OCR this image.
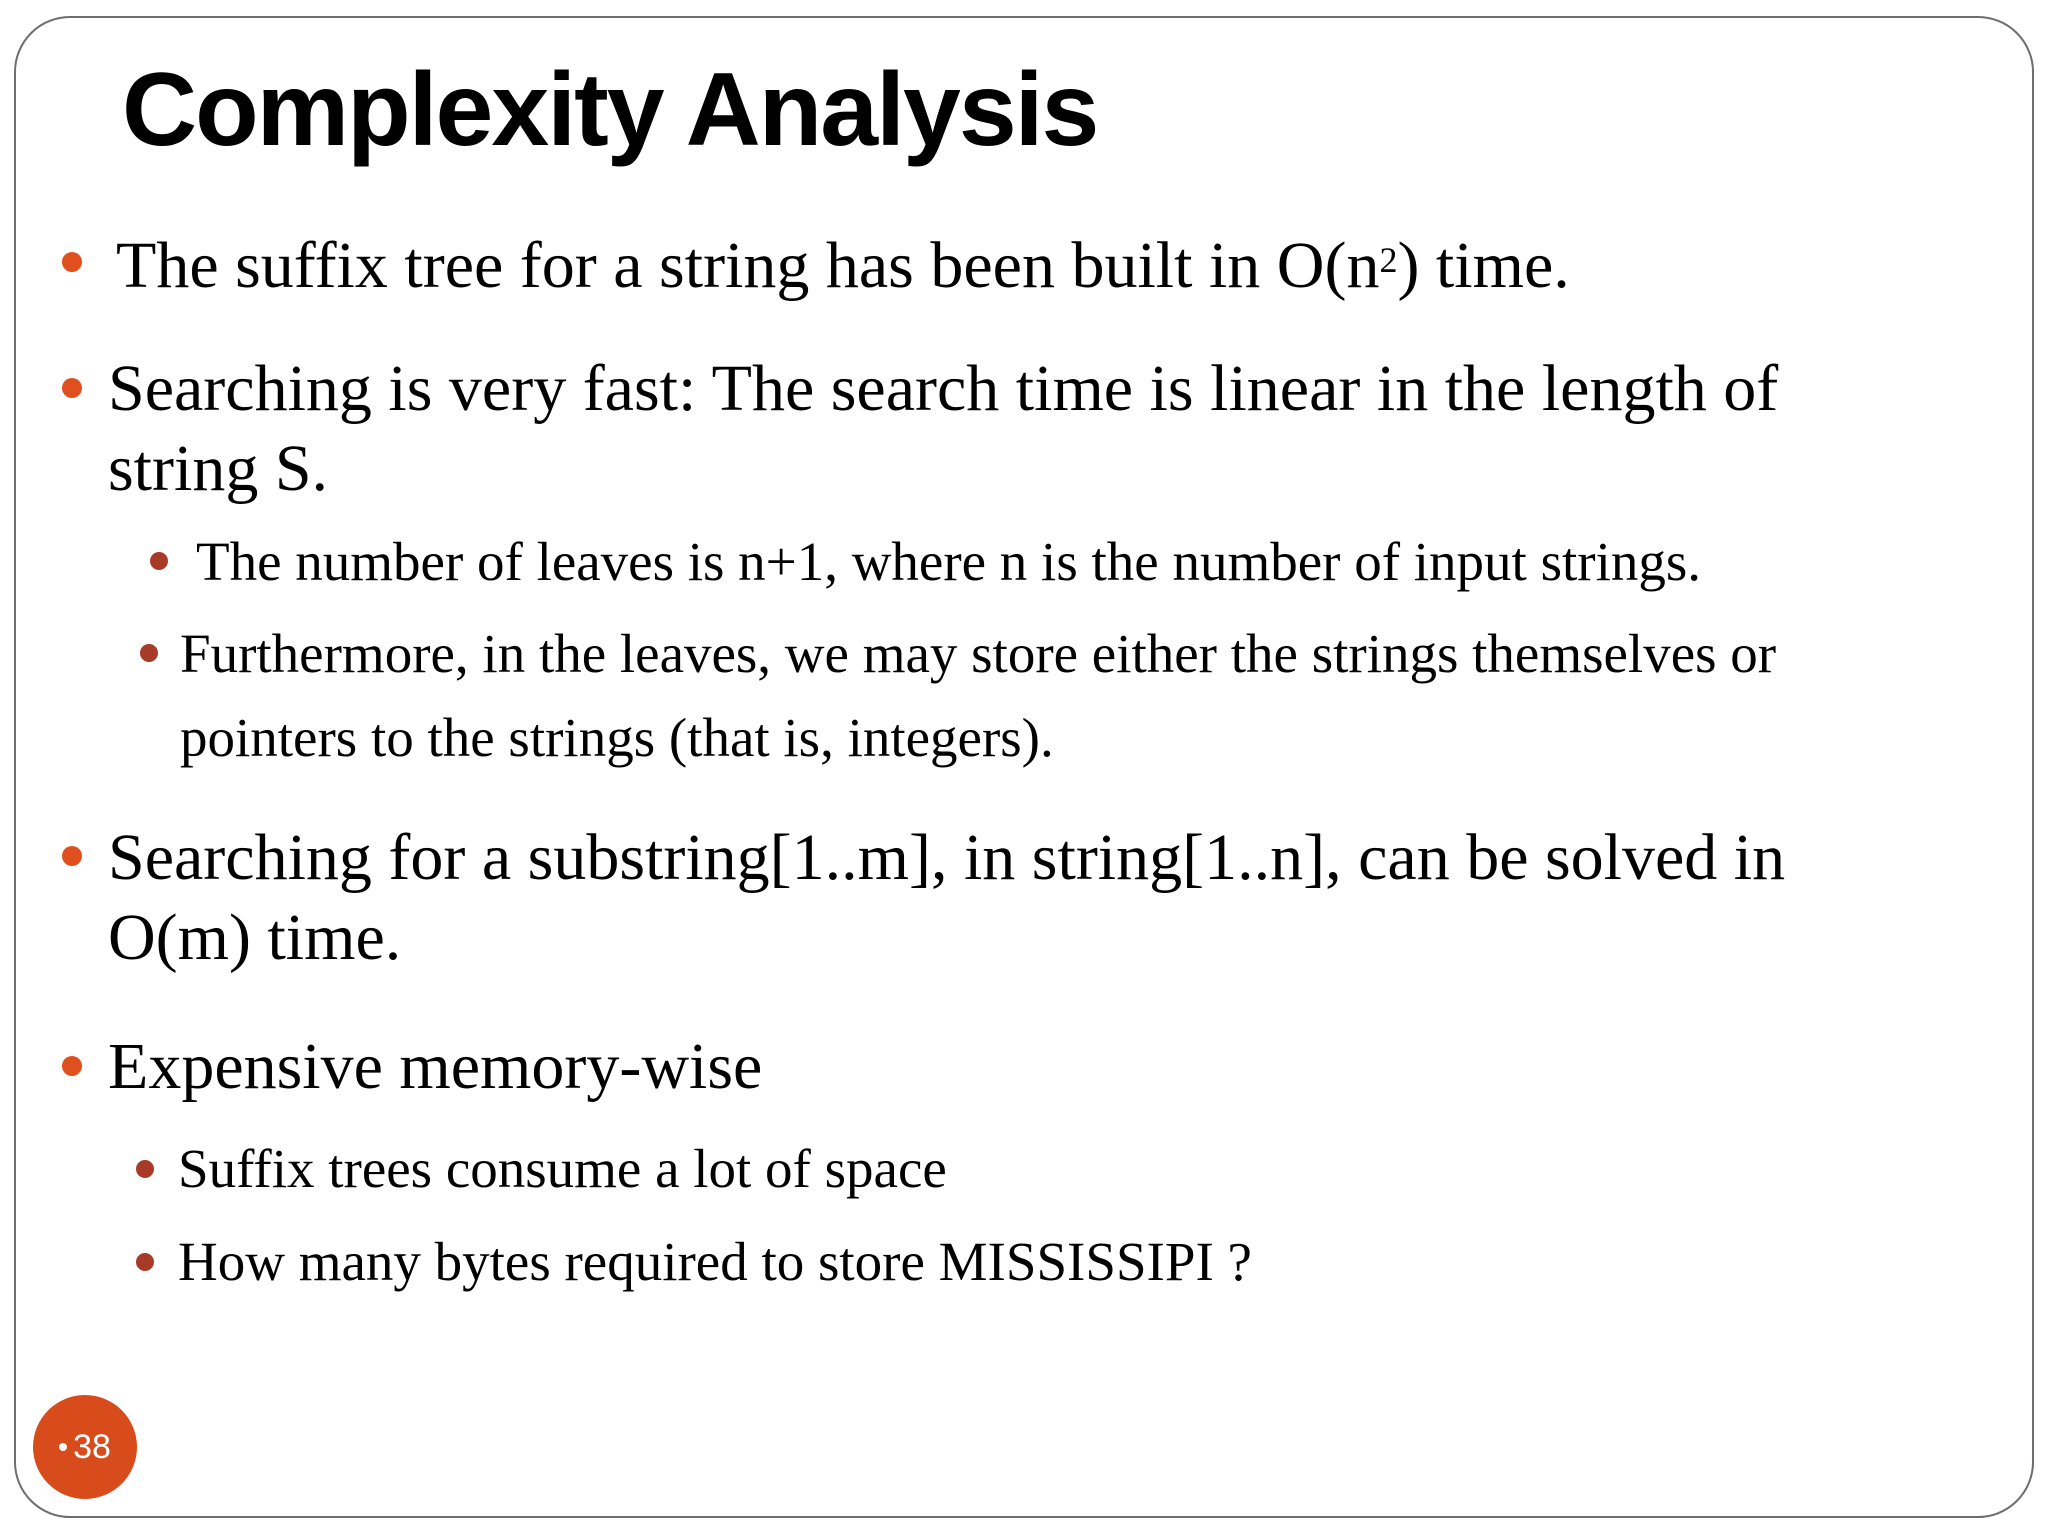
Complexity Analysis

The suffix tree for a string has been built in $O(n^2)$ time.

Searching is very fast: The search time is linear in the length of
string S.

The number of leaves is n+1, where n is the number of input strings.

Furthermore, in the leaves, we may store either the strings themselves or
pointers to the strings (that is, integers).

Searching for a substring[1..m], in string[1..n], can be solved in
O(m) time.

Expensive memory-wise

Suffix trees consume a lot of space

How many bytes required to store MISSISSIPI ?

38
